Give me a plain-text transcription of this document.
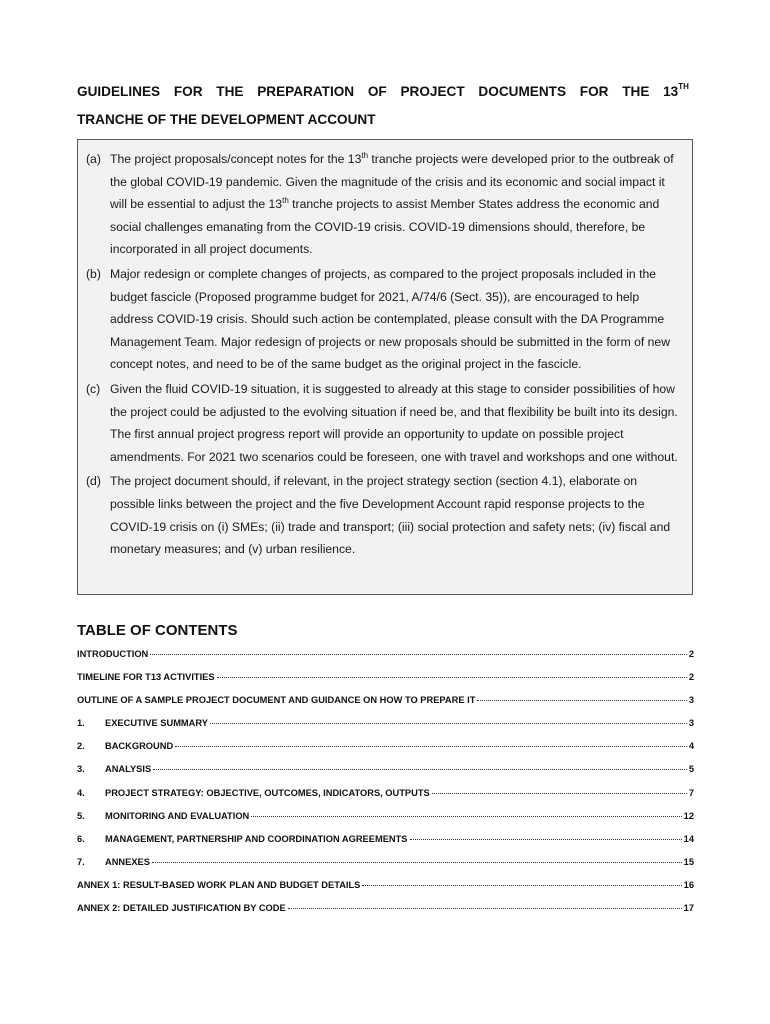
GUIDELINES FOR THE PREPARATION OF PROJECT DOCUMENTS FOR THE 13TH
TRANCHE OF THE DEVELOPMENT ACCOUNT
(a) The project proposals/concept notes for the 13th tranche projects were developed prior to the outbreak of the global COVID-19 pandemic. Given the magnitude of the crisis and its economic and social impact it will be essential to adjust the 13th tranche projects to assist Member States address the economic and social challenges emanating from the COVID-19 crisis. COVID-19 dimensions should, therefore, be incorporated in all project documents.
(b) Major redesign or complete changes of projects, as compared to the project proposals included in the budget fascicle (Proposed programme budget for 2021, A/74/6 (Sect. 35)), are encouraged to help address COVID-19 crisis. Should such action be contemplated, please consult with the DA Programme Management Team. Major redesign of projects or new proposals should be submitted in the form of new concept notes, and need to be of the same budget as the original project in the fascicle.
(c) Given the fluid COVID-19 situation, it is suggested to already at this stage to consider possibilities of how the project could be adjusted to the evolving situation if need be, and that flexibility be built into its design. The first annual project progress report will provide an opportunity to update on possible project amendments. For 2021 two scenarios could be foreseen, one with travel and workshops and one without.
(d) The project document should, if relevant, in the project strategy section (section 4.1), elaborate on possible links between the project and the five Development Account rapid response projects to the COVID-19 crisis on (i) SMEs; (ii) trade and transport; (iii) social protection and safety nets; (iv) fiscal and monetary measures; and (v) urban resilience.
TABLE OF CONTENTS
INTRODUCTION	2
TIMELINE FOR T13 ACTIVITIES	2
OUTLINE OF A SAMPLE PROJECT DOCUMENT AND GUIDANCE ON HOW TO PREPARE IT	3
1.	EXECUTIVE SUMMARY	3
2.	BACKGROUND	4
3.	ANALYSIS	5
4.	PROJECT STRATEGY: OBJECTIVE, OUTCOMES, INDICATORS, OUTPUTS	7
5.	MONITORING AND EVALUATION	12
6.	MANAGEMENT, PARTNERSHIP AND COORDINATION AGREEMENTS	14
7.	ANNEXES	15
ANNEX 1: RESULT-BASED WORK PLAN AND BUDGET DETAILS	16
ANNEX 2: DETAILED JUSTIFICATION BY CODE	17
